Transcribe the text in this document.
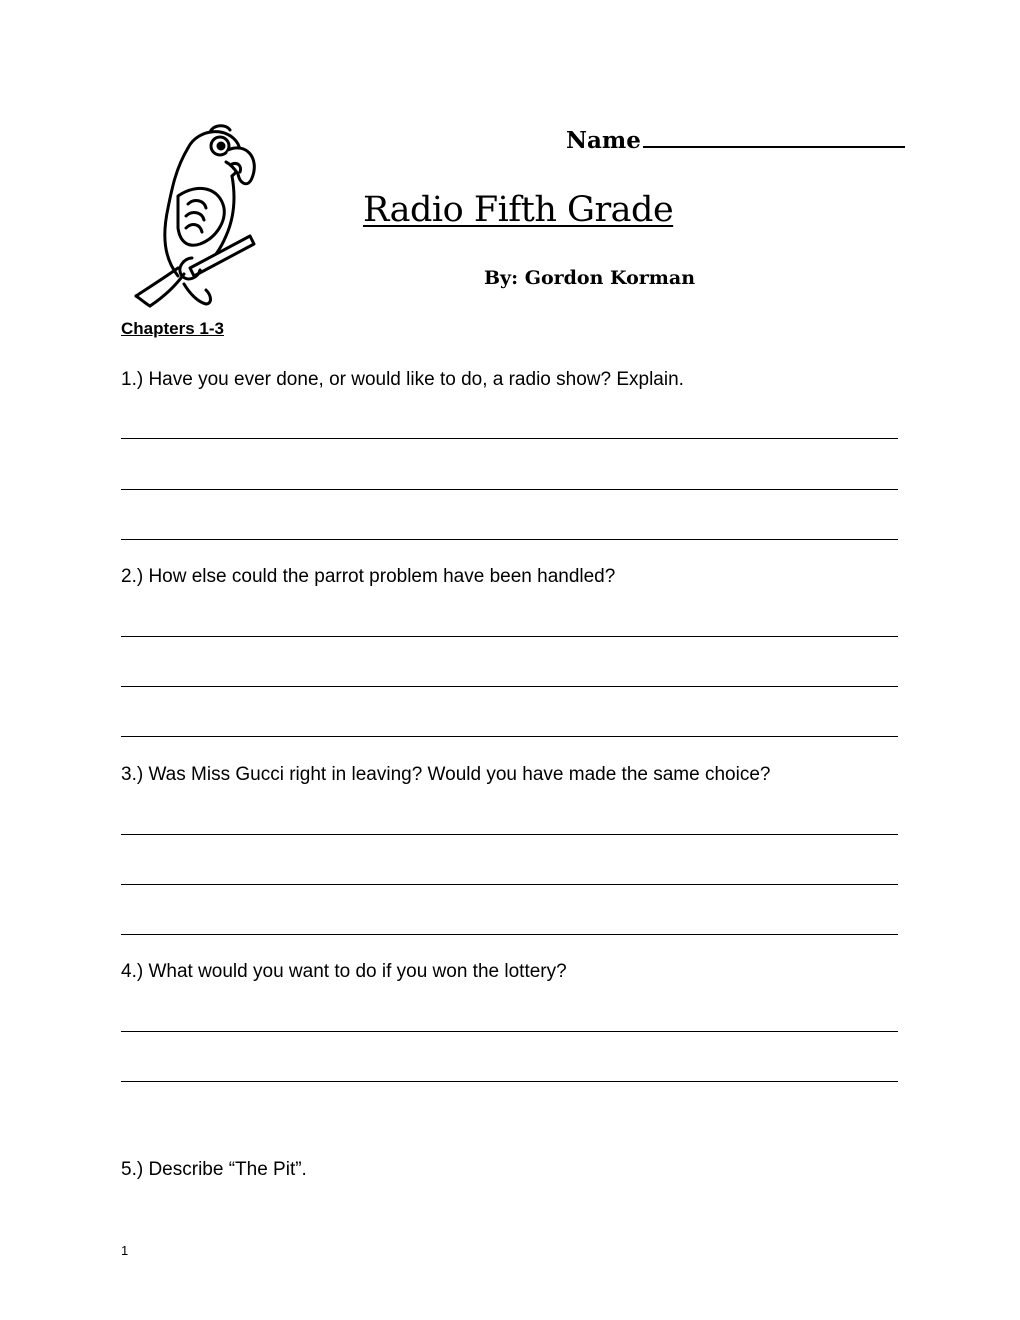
Name
Radio Fifth Grade
By: Gordon Korman
Chapters 1-3
1.) Have you ever done, or would like to do, a radio show? Explain.
2.) How else could the parrot problem have been handled?
3.) Was Miss Gucci right in leaving? Would you have made the same choice?
4.) What would you want to do if you won the lottery?
5.) Describe “The Pit”.
1
